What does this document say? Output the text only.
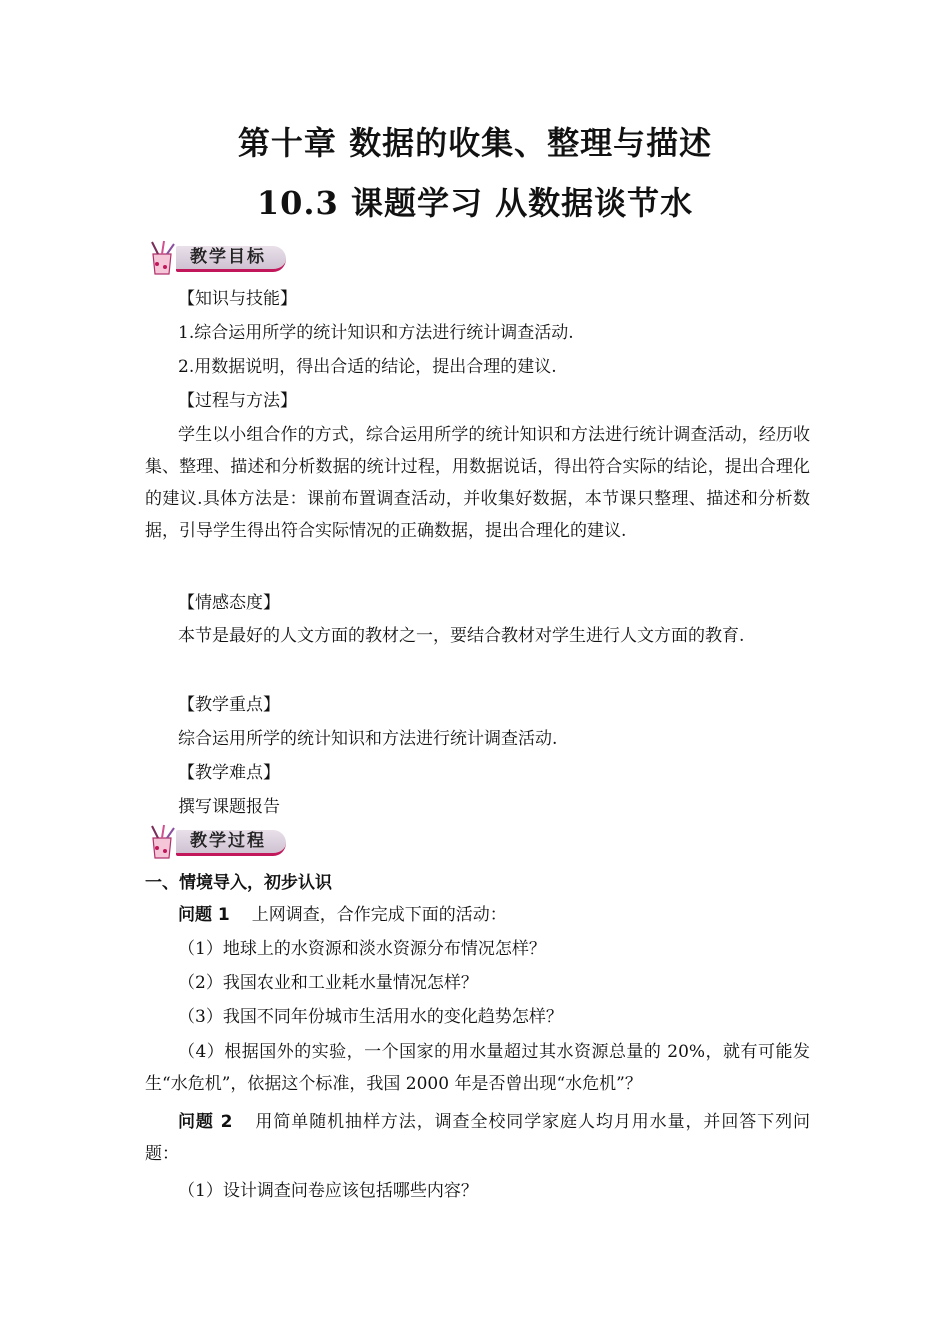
第十章 数据的收集、整理与描述
10.3 课题学习 从数据谈节水
教学目标
【知识与技能】
1.综合运用所学的统计知识和方法进行统计调查活动.
2.用数据说明，得出合适的结论，提出合理的建议.
【过程与方法】
学生以小组合作的方式，综合运用所学的统计知识和方法进行统计调查活动，经历收集、整理、描述和分析数据的统计过程，用数据说话，得出符合实际的结论，提出合理化的建议.具体方法是：课前布置调查活动，并收集好数据，本节课只整理、描述和分析数据，引导学生得出符合实际情况的正确数据，提出合理化的建议.
【情感态度】
本节是最好的人文方面的教材之一，要结合教材对学生进行人文方面的教育.
【教学重点】
综合运用所学的统计知识和方法进行统计调查活动.
【教学难点】
撰写课题报告
教学过程
一、情境导入，初步认识
问题 1 上网调查，合作完成下面的活动：
（1）地球上的水资源和淡水资源分布情况怎样？
（2）我国农业和工业耗水量情况怎样？
（3）我国不同年份城市生活用水的变化趋势怎样？
（4）根据国外的实验，一个国家的用水量超过其水资源总量的 20%，就有可能发生“水危机”，依据这个标准，我国 2000 年是否曾出现“水危机”？
问题 2 用简单随机抽样方法，调查全校同学家庭人均月用水量，并回答下列问题：
（1）设计调查问卷应该包括哪些内容？
